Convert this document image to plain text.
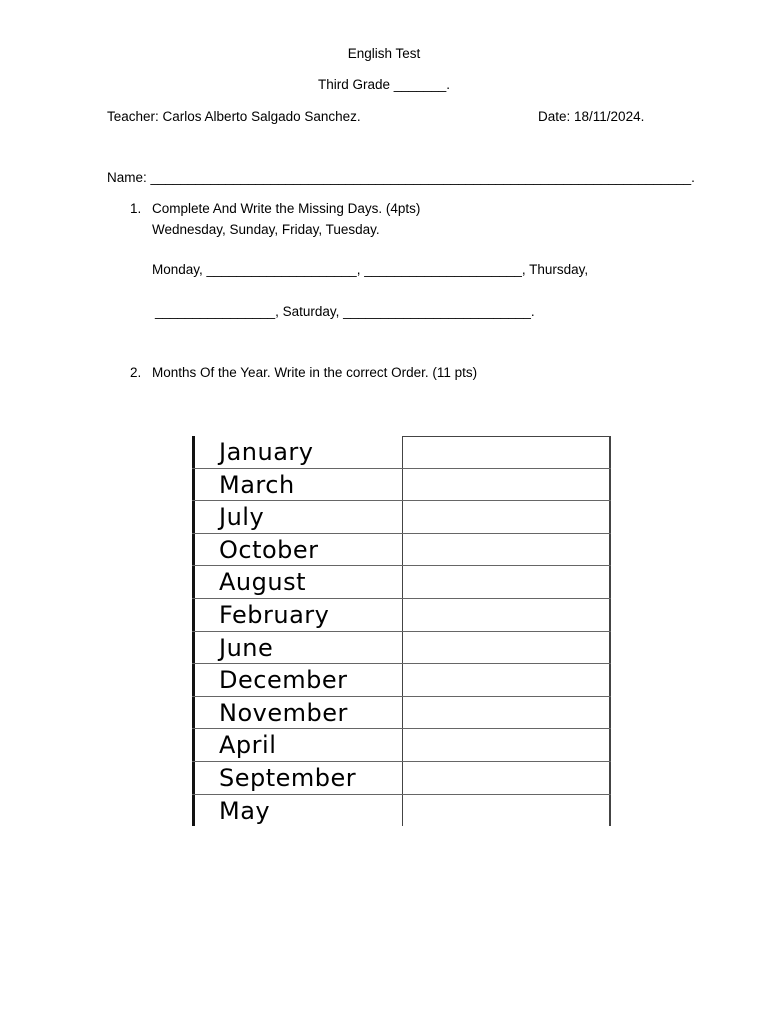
English Test
Third Grade _______.
Teacher: Carlos Alberto Salgado Sanchez.	Date: 18/11/2024.
Name: ________________________________________________________________________.
1. Complete And Write the Missing Days. (4pts)
Wednesday, Sunday, Friday, Tuesday.
Monday, ____________________, _____________________, Thursday,
________________, Saturday, _________________________.
2. Months Of the Year. Write in the correct Order. (11 pts)
January
March
July
October
August
February
June
December
November
April
September
May
